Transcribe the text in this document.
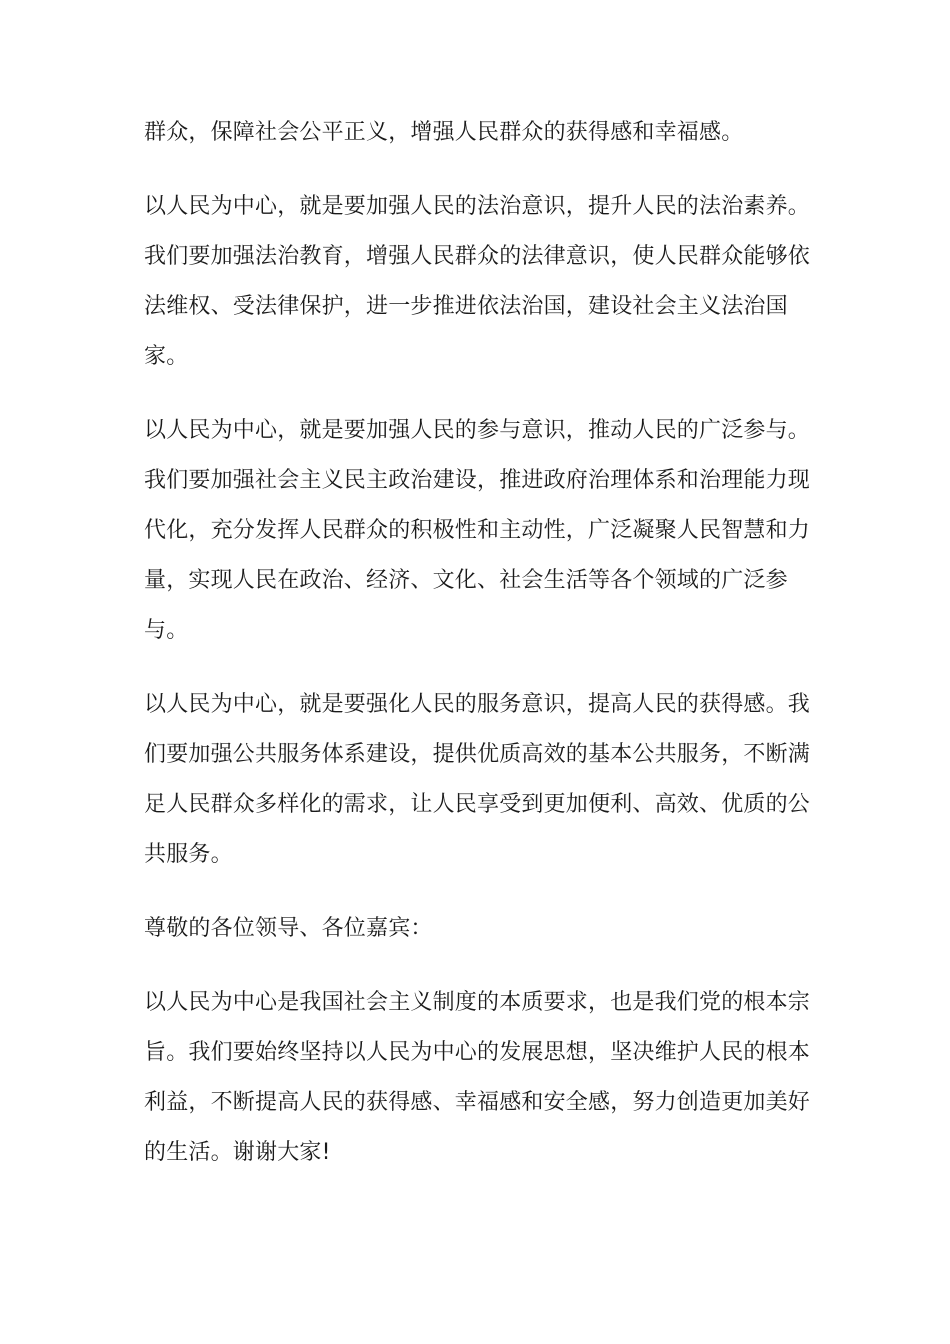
群众，保障社会公平正义，增强人民群众的获得感和幸福感。

以人民为中心，就是要加强人民的法治意识，提升人民的法治素养。我们要加强法治教育，增强人民群众的法律意识，使人民群众能够依法维权、受法律保护，进一步推进依法治国，建设社会主义法治国家。

以人民为中心，就是要加强人民的参与意识，推动人民的广泛参与。我们要加强社会主义民主政治建设，推进政府治理体系和治理能力现代化，充分发挥人民群众的积极性和主动性，广泛凝聚人民智慧和力量，实现人民在政治、经济、文化、社会生活等各个领域的广泛参与。

以人民为中心，就是要强化人民的服务意识，提高人民的获得感。我们要加强公共服务体系建设，提供优质高效的基本公共服务，不断满足人民群众多样化的需求，让人民享受到更加便利、高效、优质的公共服务。

尊敬的各位领导、各位嘉宾：

以人民为中心是我国社会主义制度的本质要求，也是我们党的根本宗旨。我们要始终坚持以人民为中心的发展思想，坚决维护人民的根本利益，不断提高人民的获得感、幸福感和安全感，努力创造更加美好的生活。谢谢大家!
